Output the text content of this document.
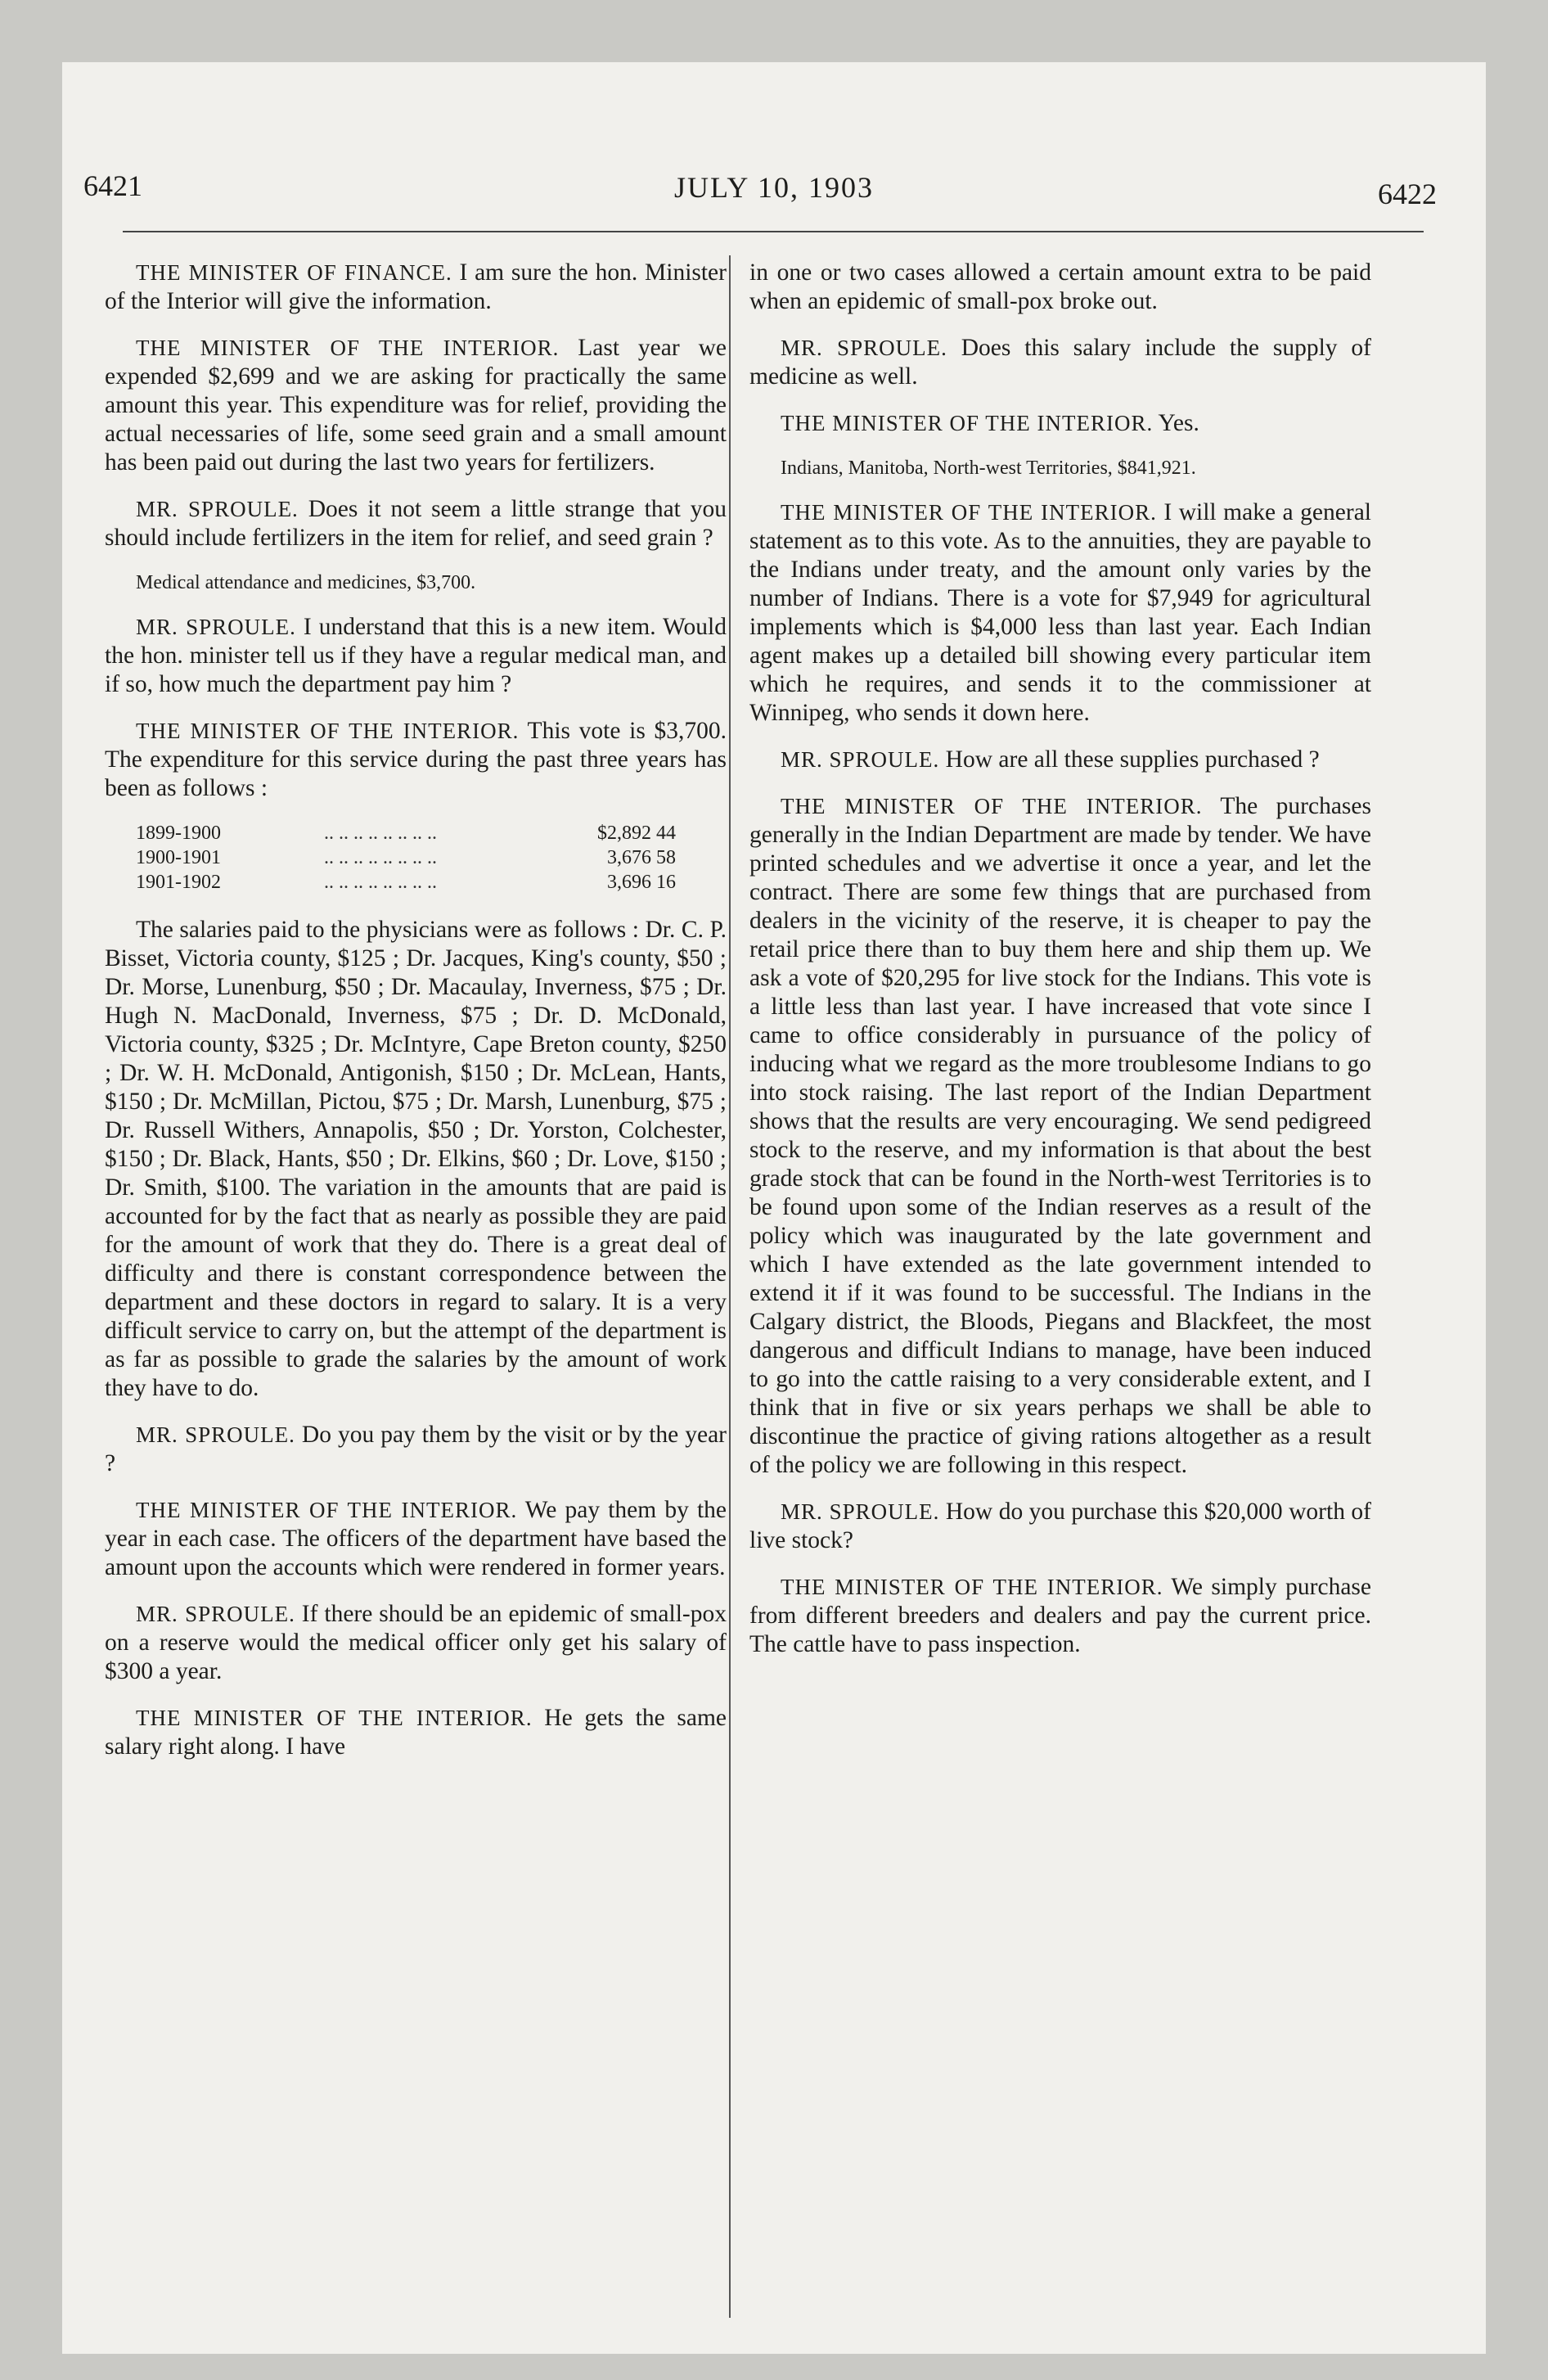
6421	JULY 10, 1903	6422

THE MINISTER OF FINANCE. I am sure the hon. Minister of the Interior will give the information.

THE MINISTER OF THE INTERIOR. Last year we expended $2,699 and we are asking for practically the same amount this year. This expenditure was for relief, providing the actual necessaries of life, some seed grain and a small amount has been paid out during the last two years for fertilizers.

MR. SPROULE. Does it not seem a little strange that you should include fertilizers in the item for relief, and seed grain ?

Medical attendance and medicines, $3,700.

MR. SPROULE. I understand that this is a new item. Would the hon. minister tell us if they have a regular medical man, and if so, how much the department pay him ?

THE MINISTER OF THE INTERIOR. This vote is $3,700. The expenditure for this service during the past three years has been as follows :

1899-1900	.. .. .. .. .. .. .. ..	$2,892 44
1900-1901	.. .. .. .. .. .. .. ..	3,676 58
1901-1902	.. .. .. .. .. .. .. ..	3,696 16

The salaries paid to the physicians were as follows : Dr. C. P. Bisset, Victoria county, $125 ; Dr. Jacques, King's county, $50 ; Dr. Morse, Lunenburg, $50 ; Dr. Macaulay, Inverness, $75 ; Dr. Hugh N. MacDonald, Inverness, $75 ; Dr. D. McDonald, Victoria county, $325 ; Dr. McIntyre, Cape Breton county, $250 ; Dr. W. H. McDonald, Antigonish, $150 ; Dr. McLean, Hants, $150 ; Dr. McMillan, Pictou, $75 ; Dr. Marsh, Lunenburg, $75 ; Dr. Russell Withers, Annapolis, $50 ; Dr. Yorston, Colchester, $150 ; Dr. Black, Hants, $50 ; Dr. Elkins, $60 ; Dr. Love, $150 ; Dr. Smith, $100. The variation in the amounts that are paid is accounted for by the fact that as nearly as possible they are paid for the amount of work that they do. There is a great deal of difficulty and there is constant correspondence between the department and these doctors in regard to salary. It is a very difficult service to carry on, but the attempt of the department is as far as possible to grade the salaries by the amount of work they have to do.

MR. SPROULE. Do you pay them by the visit or by the year ?

THE MINISTER OF THE INTERIOR. We pay them by the year in each case. The officers of the department have based the amount upon the accounts which were rendered in former years.

MR. SPROULE. If there should be an epidemic of small-pox on a reserve would the medical officer only get his salary of $300 a year.

THE MINISTER OF THE INTERIOR. He gets the same salary right along. I have

in one or two cases allowed a certain amount extra to be paid when an epidemic of small-pox broke out.

MR. SPROULE. Does this salary include the supply of medicine as well.

THE MINISTER OF THE INTERIOR. Yes.

Indians, Manitoba, North-west Territories, $841,921.

THE MINISTER OF THE INTERIOR. I will make a general statement as to this vote. As to the annuities, they are payable to the Indians under treaty, and the amount only varies by the number of Indians. There is a vote for $7,949 for agricultural implements which is $4,000 less than last year. Each Indian agent makes up a detailed bill showing every particular item which he requires, and sends it to the commissioner at Winnipeg, who sends it down here.

MR. SPROULE. How are all these supplies purchased ?

THE MINISTER OF THE INTERIOR. The purchases generally in the Indian Department are made by tender. We have printed schedules and we advertise it once a year, and let the contract. There are some few things that are purchased from dealers in the vicinity of the reserve, it is cheaper to pay the retail price there than to buy them here and ship them up. We ask a vote of $20,295 for live stock for the Indians. This vote is a little less than last year. I have increased that vote since I came to office considerably in pursuance of the policy of inducing what we regard as the more troublesome Indians to go into stock raising. The last report of the Indian Department shows that the results are very encouraging. We send pedigreed stock to the reserve, and my information is that about the best grade stock that can be found in the North-west Territories is to be found upon some of the Indian reserves as a result of the policy which was inaugurated by the late government and which I have extended as the late government intended to extend it if it was found to be successful. The Indians in the Calgary district, the Bloods, Piegans and Blackfeet, the most dangerous and difficult Indians to manage, have been induced to go into the cattle raising to a very considerable extent, and I think that in five or six years perhaps we shall be able to discontinue the practice of giving rations altogether as a result of the policy we are following in this respect.

MR. SPROULE. How do you purchase this $20,000 worth of live stock?

THE MINISTER OF THE INTERIOR. We simply purchase from different breeders and dealers and pay the current price. The cattle have to pass inspection.
